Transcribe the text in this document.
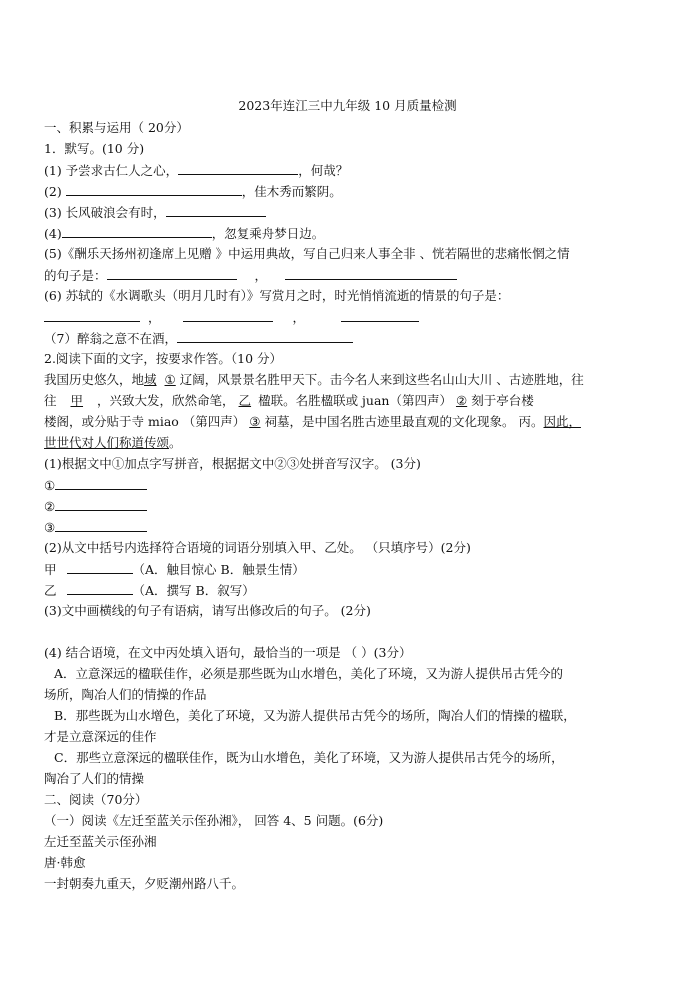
2023年连江三中九年级 10 月质量检测
一、积累与运用（ 20分）
1．默写。(10 分)
(1) 予尝求古仁人之心，	，何哉？
(2)	，佳木秀而繁阴。
(3) 长风破浪会有时，
(4)	，忽复乘舟梦日边。
(5)《酬乐天扬州初逢席上见赠 》中运用典故，写自己归来人事全非 、恍若隔世的悲痛怅惘之情
的句子是：	，
(6) 苏轼的《水调歌头（明月几时有）》写赏月之时，时光悄悄流逝的情景的句子是：
，	，
（7）醉翁之意不在酒，
2.阅读下面的文字，按要求作答。（10 分）
我国历史悠久，地域 ① 辽阔，风景景名胜甲天下。击今名人来到这些名山山大川 、古迹胜地，往
往 甲 ，兴致大发，欣然命笔， 乙 楹联。名胜楹联或 juan（第四声） ② 刻于亭台楼
楼阁，或分贴于寺 miao （第四声） ③ 祠墓，是中国名胜古迹里最直观的文化现象。 丙。因此，
世世代对人们称道传颂。
(1)根据文中①加点字写拼音，根据据文中②③处拼音写汉字。 (3分)
①
②
③
(2)从文中括号内选择符合语境的词语分别填入甲、乙处。 （只填序号）(2分)
甲	（A．触目惊心 B．触景生情）
乙	（A．撰写 B．叙写）
(3)文中画横线的句子有语病，请写出修改后的句子。 (2分)
(4) 结合语境，在文中丙处填入语句，最恰当的一项是 （ ）(3分）
A．立意深远的楹联佳作，必须是那些既为山水增色，美化了环境，又为游人提供吊古凭今的
场所，陶冶人们的情操的作品
B．那些既为山水增色，美化了环境，又为游人提供吊古凭今的场所，陶冶人们的情操的楹联，
才是立意深远的佳作
C．那些立意深远的楹联佳作，既为山水增色，美化了环境，又为游人提供吊古凭今的场所，
陶冶了人们的情操
二、阅读（70分）
（一）阅读《左迁至蓝关示侄孙湘》， 回答 4、5 问题。(6分)
左迁至蓝关示侄孙湘
唐·韩愈
一封朝奏九重天，夕贬潮州路八千。
